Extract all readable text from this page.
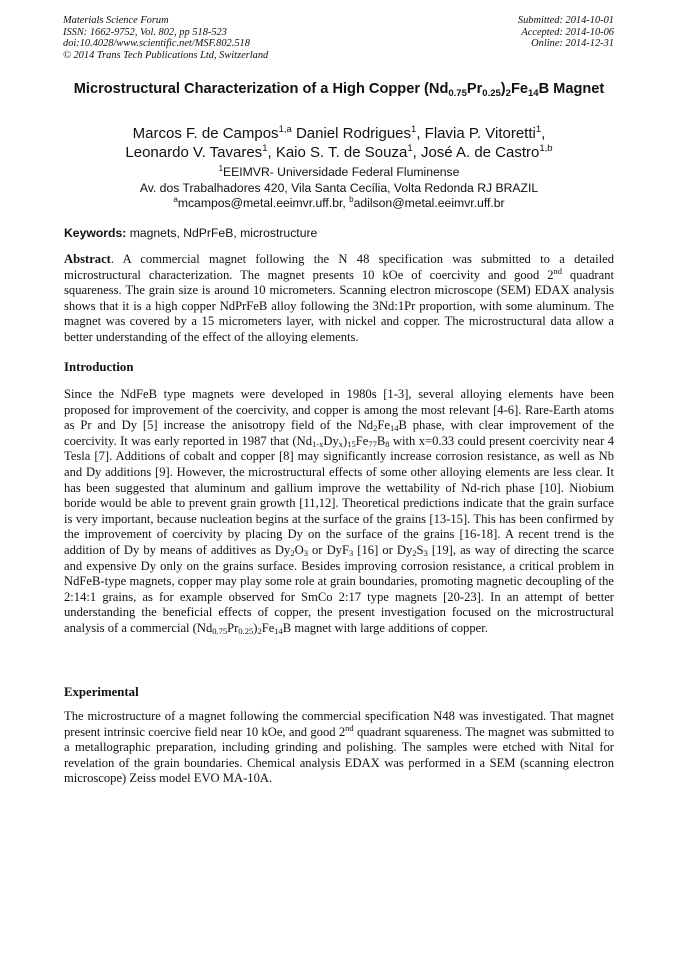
Materials Science Forum
ISSN: 1662-9752, Vol. 802, pp 518-523
doi:10.4028/www.scientific.net/MSF.802.518
© 2014 Trans Tech Publications Ltd, Switzerland
Submitted: 2014-10-01
Accepted: 2014-10-06
Online: 2014-12-31
Microstructural Characterization of a High Copper $(Nd_{0.75}Pr_{0.25})_2Fe_{14}B$ Magnet
Marcos F. de Campos$^{1,a}$ Daniel Rodrigues$^1$, Flavia P. Vitoretti$^1$,
Leonardo V. Tavares$^1$, Kaio S. T. de Souza$^1$, José A. de Castro$^{1,b}$
$^1$EEIMVR- Universidade Federal Fluminense
Av. dos Trabalhadores 420, Vila Santa Cecília, Volta Redonda RJ BRAZIL
$^a$mcampos@metal.eeimvr.uff.br, $^b$adilson@metal.eeimvr.uff.br
Keywords: magnets, NdPrFeB, microstructure
Abstract. A commercial magnet following the N 48 specification was submitted to a detailed microstructural characterization. The magnet presents 10 kOe of coercivity and good 2nd quadrant squareness. The grain size is around 10 micrometers. Scanning electron microscope (SEM) EDAX analysis shows that it is a high copper NdPrFeB alloy following the 3Nd:1Pr proportion, with some aluminum. The magnet was covered by a 15 micrometers layer, with nickel and copper. The microstructural data allow a better understanding of the effect of the alloying elements.
Introduction
Since the NdFeB type magnets were developed in 1980s [1-3], several alloying elements have been proposed for improvement of the coercivity, and copper is among the most relevant [4-6]. Rare-Earth atoms as Pr and Dy [5] increase the anisotropy field of the $Nd_2Fe_{14}B$ phase, with clear improvement of the coercivity. It was early reported in 1987 that $(Nd_{1-x}Dy_x)_{15}Fe_{77}B_8$ with x=0.33 could present coercivity near 4 Tesla [7]. Additions of cobalt and copper [8] may significantly increase corrosion resistance, as well as Nb and Dy additions [9]. However, the microstructural effects of some other alloying elements are less clear. It has been suggested that aluminum and gallium improve the wettability of Nd-rich phase [10]. Niobium boride would be able to prevent grain growth [11,12]. Theoretical predictions indicate that the grain surface is very important, because nucleation begins at the surface of the grains [13-15]. This has been confirmed by the improvement of coercivity by placing Dy on the surface of the grains [16-18]. A recent trend is the addition of Dy by means of additives as $Dy_2O_3$ or DyF$_3$ [16] or $Dy_2S_3$ [19], as way of directing the scarce and expensive Dy only on the grains surface. Besides improving corrosion resistance, a critical problem in NdFeB-type magnets, copper may play some role at grain boundaries, promoting magnetic decoupling of the 2:14:1 grains, as for example observed for SmCo 2:17 type magnets [20-23]. In an attempt of better understanding the beneficial effects of copper, the present investigation focused on the microstructural analysis of a commercial $(Nd_{0.75}Pr_{0.25})_2Fe_{14}B$ magnet with large additions of copper.
Experimental
The microstructure of a magnet following the commercial specification N48 was investigated. That magnet present intrinsic coercive field near 10 kOe, and good 2nd quadrant squareness. The magnet was submitted to a metallographic preparation, including grinding and polishing. The samples were etched with Nital for revelation of the grain boundaries. Chemical analysis EDAX was performed in a SEM (scanning electron microscope) Zeiss model EVO MA-10A.
